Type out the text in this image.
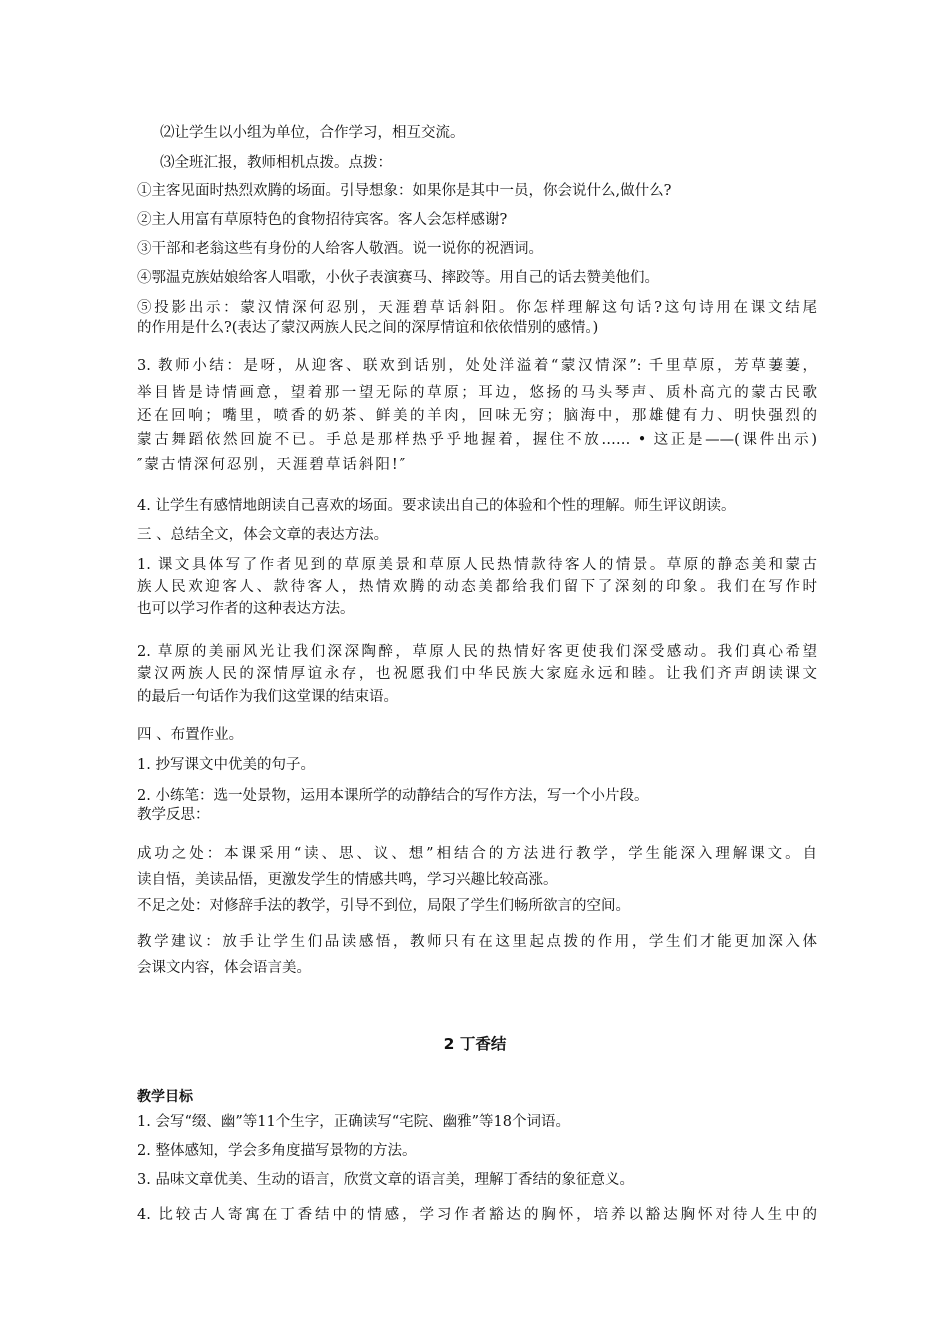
⑵让学生以小组为单位，合作学习，相互交流。
⑶全班汇报，教师相机点拨。点拨：
①主客见面时热烈欢腾的场面。引导想象：如果你是其中一员，你会说什么,做什么?
②主人用富有草原特色的食物招待宾客。客人会怎样感谢?
③干部和老翁这些有身份的人给客人敬酒。说一说你的祝酒词。
④鄂温克族姑娘给客人唱歌，小伙子表演赛马、摔跤等。用自己的话去赞美他们。
⑤投影出示：蒙汉情深何忍别，天涯碧草话斜阳。你怎样理解这句话?这句诗用在课文结尾
的作用是什么?(表达了蒙汉两族人民之间的深厚情谊和依依惜别的感情。)
3. 教师小结：是呀，从迎客、联欢到话别，处处洋溢着“蒙汉情深”: 千里草原，芳草萋萋，
举目皆是诗情画意，望着那一望无际的草原；耳边，悠扬的马头琴声、质朴高亢的蒙古民歌
还在回响；嘴里，喷香的奶茶、鲜美的羊肉，回味无穷；脑海中，那雄健有力、明快强烈的
蒙古舞蹈依然回旋不已。手总是那样热乎乎地握着，握住不放…… • 这正是——(课件出示)
″蒙古情深何忍别，天涯碧草话斜阳!″
4. 让学生有感情地朗读自己喜欢的场面。要求读出自己的体验和个性的理解。师生评议朗读。
三 、总结全文，体会文章的表达方法。
1. 课文具体写了作者见到的草原美景和草原人民热情款待客人的情景。草原的静态美和蒙古
族人民欢迎客人、款待客人，热情欢腾的动态美都给我们留下了深刻的印象。我们在写作时
也可以学习作者的这种表达方法。
2. 草原的美丽风光让我们深深陶醉，草原人民的热情好客更使我们深受感动。我们真心希望
蒙汉两族人民的深情厚谊永存，也祝愿我们中华民族大家庭永远和睦。让我们齐声朗读课文
的最后一句话作为我们这堂课的结束语。
四 、布置作业。
1. 抄写课文中优美的句子。
2. 小练笔：选一处景物，运用本课所学的动静结合的写作方法，写一个小片段。
教学反思：
成功之处：本课采用“读、思、议、想”相结合的方法进行教学，学生能深入理解课文。自
读自悟，美读品悟，更激发学生的情感共鸣，学习兴趣比较高涨。
不足之处：对修辞手法的教学，引导不到位，局限了学生们畅所欲言的空间。
教学建议：放手让学生们品读感悟，教师只有在这里起点拨的作用，学生们才能更加深入体
会课文内容，体会语言美。
2 丁香结
教学目标
1. 会写“缀、幽”等11个生字，正确读写“宅院、幽雅”等18个词语。
2. 整体感知，学会多角度描写景物的方法。
3. 品味文章优美、生动的语言，欣赏文章的语言美，理解丁香结的象征意义。
4. 比较古人寄寓在丁香结中的情感，学习作者豁达的胸怀，培养以豁达胸怀对待人生中的
